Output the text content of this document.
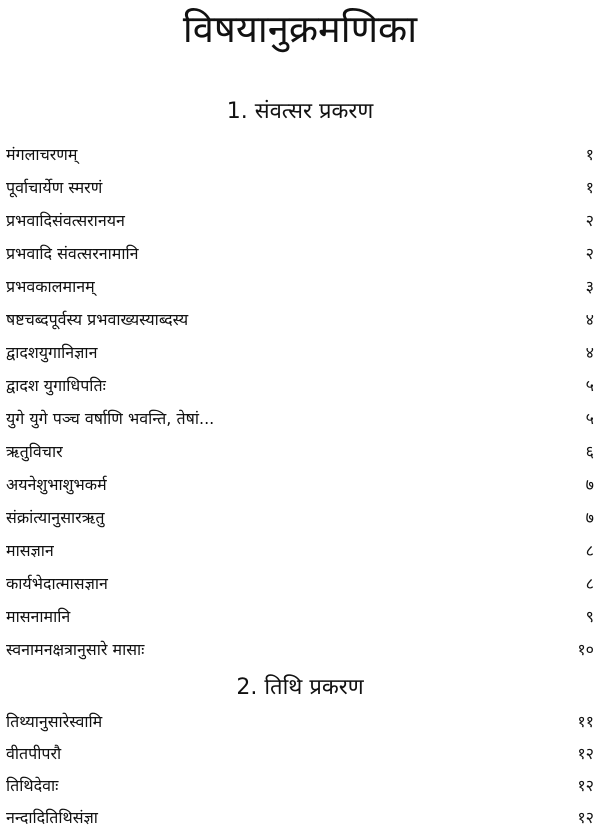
विषयानुक्रमणिका
1. संवत्सर प्रकरण
मंगलाचरणम्	१
पूर्वाचार्येण स्मरणं	१
प्रभवादिसंवत्सरानयन	२
प्रभवादि संवत्सरनामानि	२
प्रभवकालमानम्	३
षष्टचब्दपूर्वस्य प्रभवाख्यस्याब्दस्य	४
द्वादशयुगानिज्ञान	४
द्वादश युगाधिपतिः	५
युगे युगे पञ्च वर्षाणि भवन्ति, तेषां...	५
ऋतुविचार	६
अयनेशुभाशुभकर्म	७
संक्रांत्यानुसारऋतु	७
मासज्ञान	८
कार्यभेदात्मासज्ञान	८
मासनामानि	९
स्वनामनक्षत्रानुसारे मासाः	१०
2. तिथि प्रकरण
तिथ्यानुसारेस्वामि	११
वीतपीपरौ	१२
तिथिदेवाः	१२
नन्दादितिथिसंज्ञा	१२
